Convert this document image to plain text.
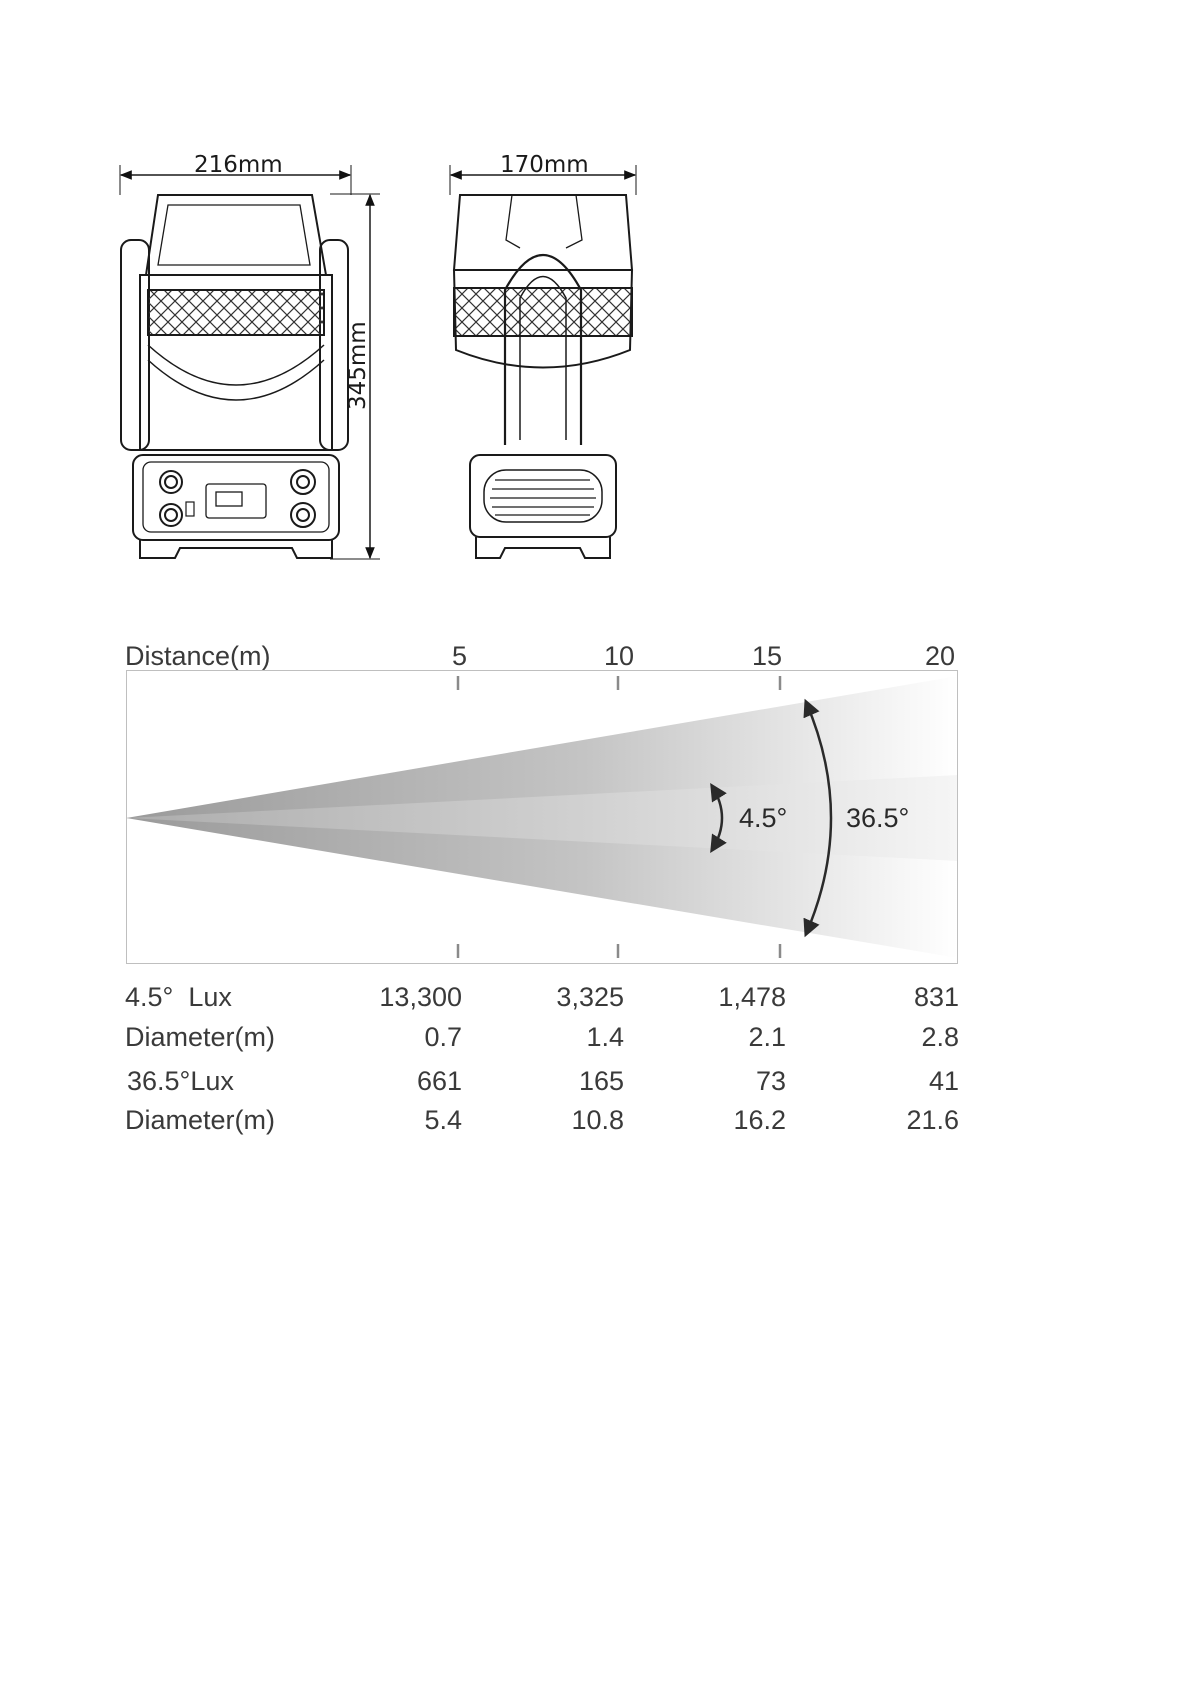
216mm	170mm
345mm
Distance(m)	5	10	15	20
4.5° 36.5°
4.5°  Lux	13,300	3,325	1,478	831
Diameter(m)	0.7	1.4	2.1	2.8
36.5°Lux	661	165	73	41
Diameter(m)	5.4	10.8	16.2	21.6
